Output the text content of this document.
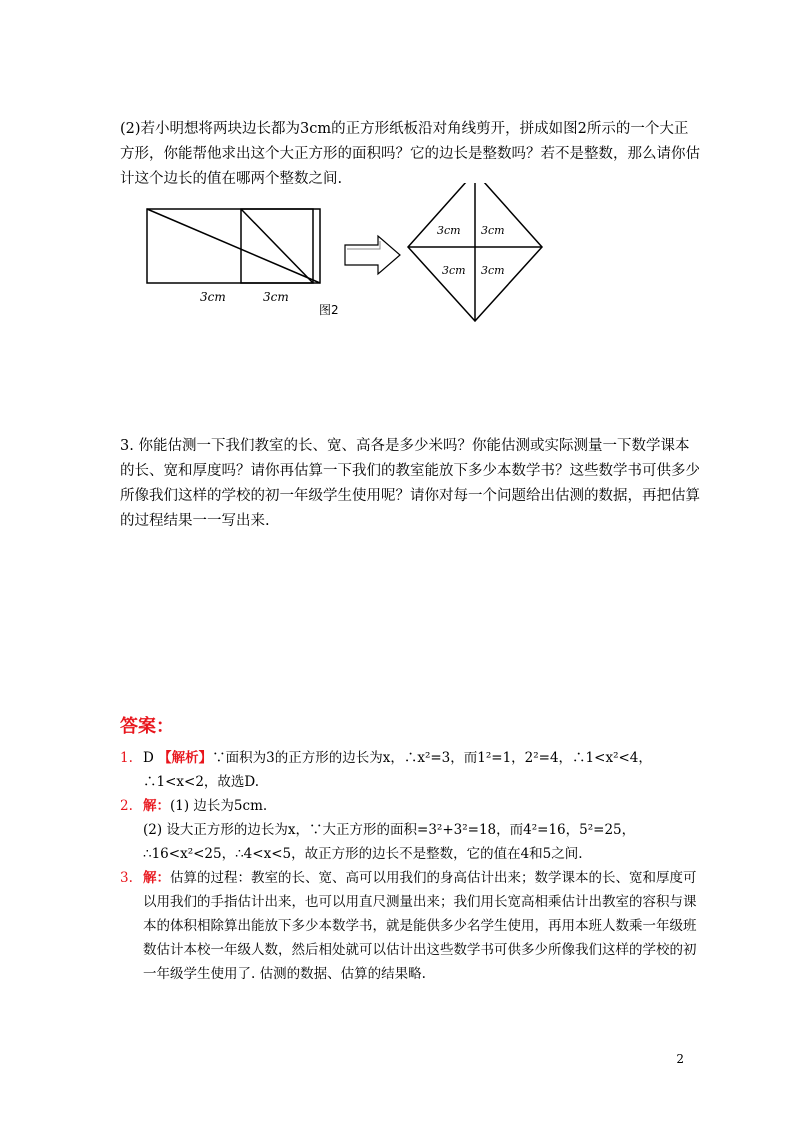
(2)若小明想将两块边长都为3cm的正方形纸板沿对角线剪开，拼成如图2所示的一个大正方形，你能帮他求出这个大正方形的面积吗？它的边长是整数吗？若不是整数，那么请你估计这个边长的值在哪两个整数之间.

3cm	3cm
3cm 3cm
3cm 3cm
图2

3. 你能估测一下我们教室的长、宽、高各是多少米吗？你能估测或实际测量一下数学课本的长、宽和厚度吗？请你再估算一下我们的教室能放下多少本数学书？这些数学书可供多少所像我们这样的学校的初一年级学生使用呢？请你对每一个问题给出估测的数据，再把估算的过程结果一一写出来.

答案：
1. D 【解析】∵面积为3的正方形的边长为x，∴x²=3，而1²=1，2²=4，∴1<x²<4，∴1<x<2，故选D.
2. 解：(1) 边长为5cm.
(2) 设大正方形的边长为x，∵大正方形的面积=3²+3²=18，而4²=16，5²=25，
∴16<x²<25，∴4<x<5，故正方形的边长不是整数，它的值在4和5之间.
3. 解：估算的过程：教室的长、宽、高可以用我们的身高估计出来；数学课本的长、宽和厚度可以用我们的手指估计出来，也可以用直尺测量出来；我们用长宽高相乘估计出教室的容积与课本的体积相除算出能放下多少本数学书，就是能供多少名学生使用，再用本班人数乘一年级班数估计本校一年级人数，然后相处就可以估计出这些数学书可供多少所像我们这样的学校的初一年级学生使用了. 估测的数据、估算的结果略.
2
